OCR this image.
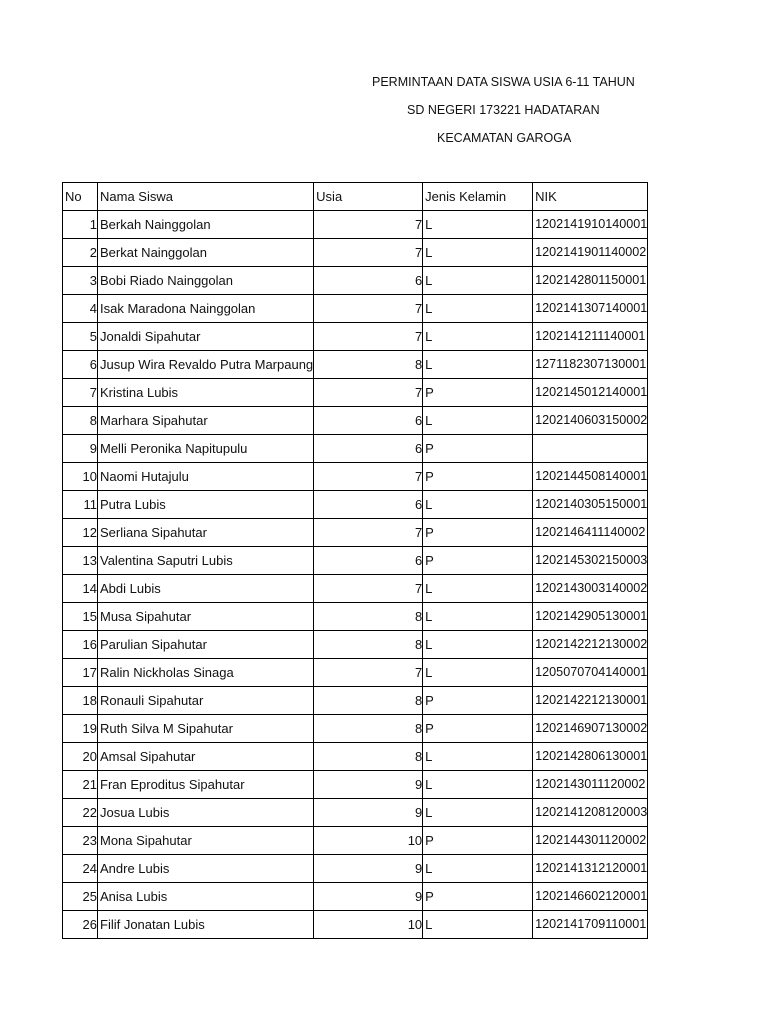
PERMINTAAN DATA SISWA USIA 6-11 TAHUN
SD NEGERI 173221 HADATARAN
KECAMATAN GAROGA
No	Nama Siswa	Usia	Jenis Kelamin	NIK
1	Berkah Nainggolan	7	L	1202141910140001
2	Berkat Nainggolan	7	L	1202141901140002
3	Bobi Riado Nainggolan	6	L	1202142801150001
4	Isak Maradona Nainggolan	7	L	1202141307140001
5	Jonaldi Sipahutar	7	L	1202141211140001
6	Jusup Wira Revaldo Putra Marpaung	8	L	1271182307130001
7	Kristina Lubis	7	P	1202145012140001
8	Marhara Sipahutar	6	L	1202140603150002
9	Melli Peronika Napitupulu	6	P	
10	Naomi Hutajulu	7	P	1202144508140001
11	Putra Lubis	6	L	1202140305150001
12	Serliana Sipahutar	7	P	1202146411140002
13	Valentina Saputri Lubis	6	P	1202145302150003
14	Abdi Lubis	7	L	1202143003140002
15	Musa Sipahutar	8	L	1202142905130001
16	Parulian Sipahutar	8	L	1202142212130002
17	Ralin Nickholas Sinaga	7	L	1205070704140001
18	Ronauli Sipahutar	8	P	1202142212130001
19	Ruth Silva M Sipahutar	8	P	1202146907130002
20	Amsal Sipahutar	8	L	1202142806130001
21	Fran Eproditus Sipahutar	9	L	1202143011120002
22	Josua Lubis	9	L	1202141208120003
23	Mona Sipahutar	10	P	1202144301120002
24	Andre Lubis	9	L	1202141312120001
25	Anisa Lubis	9	P	1202146602120001
26	Filif Jonatan Lubis	10	L	1202141709110001
